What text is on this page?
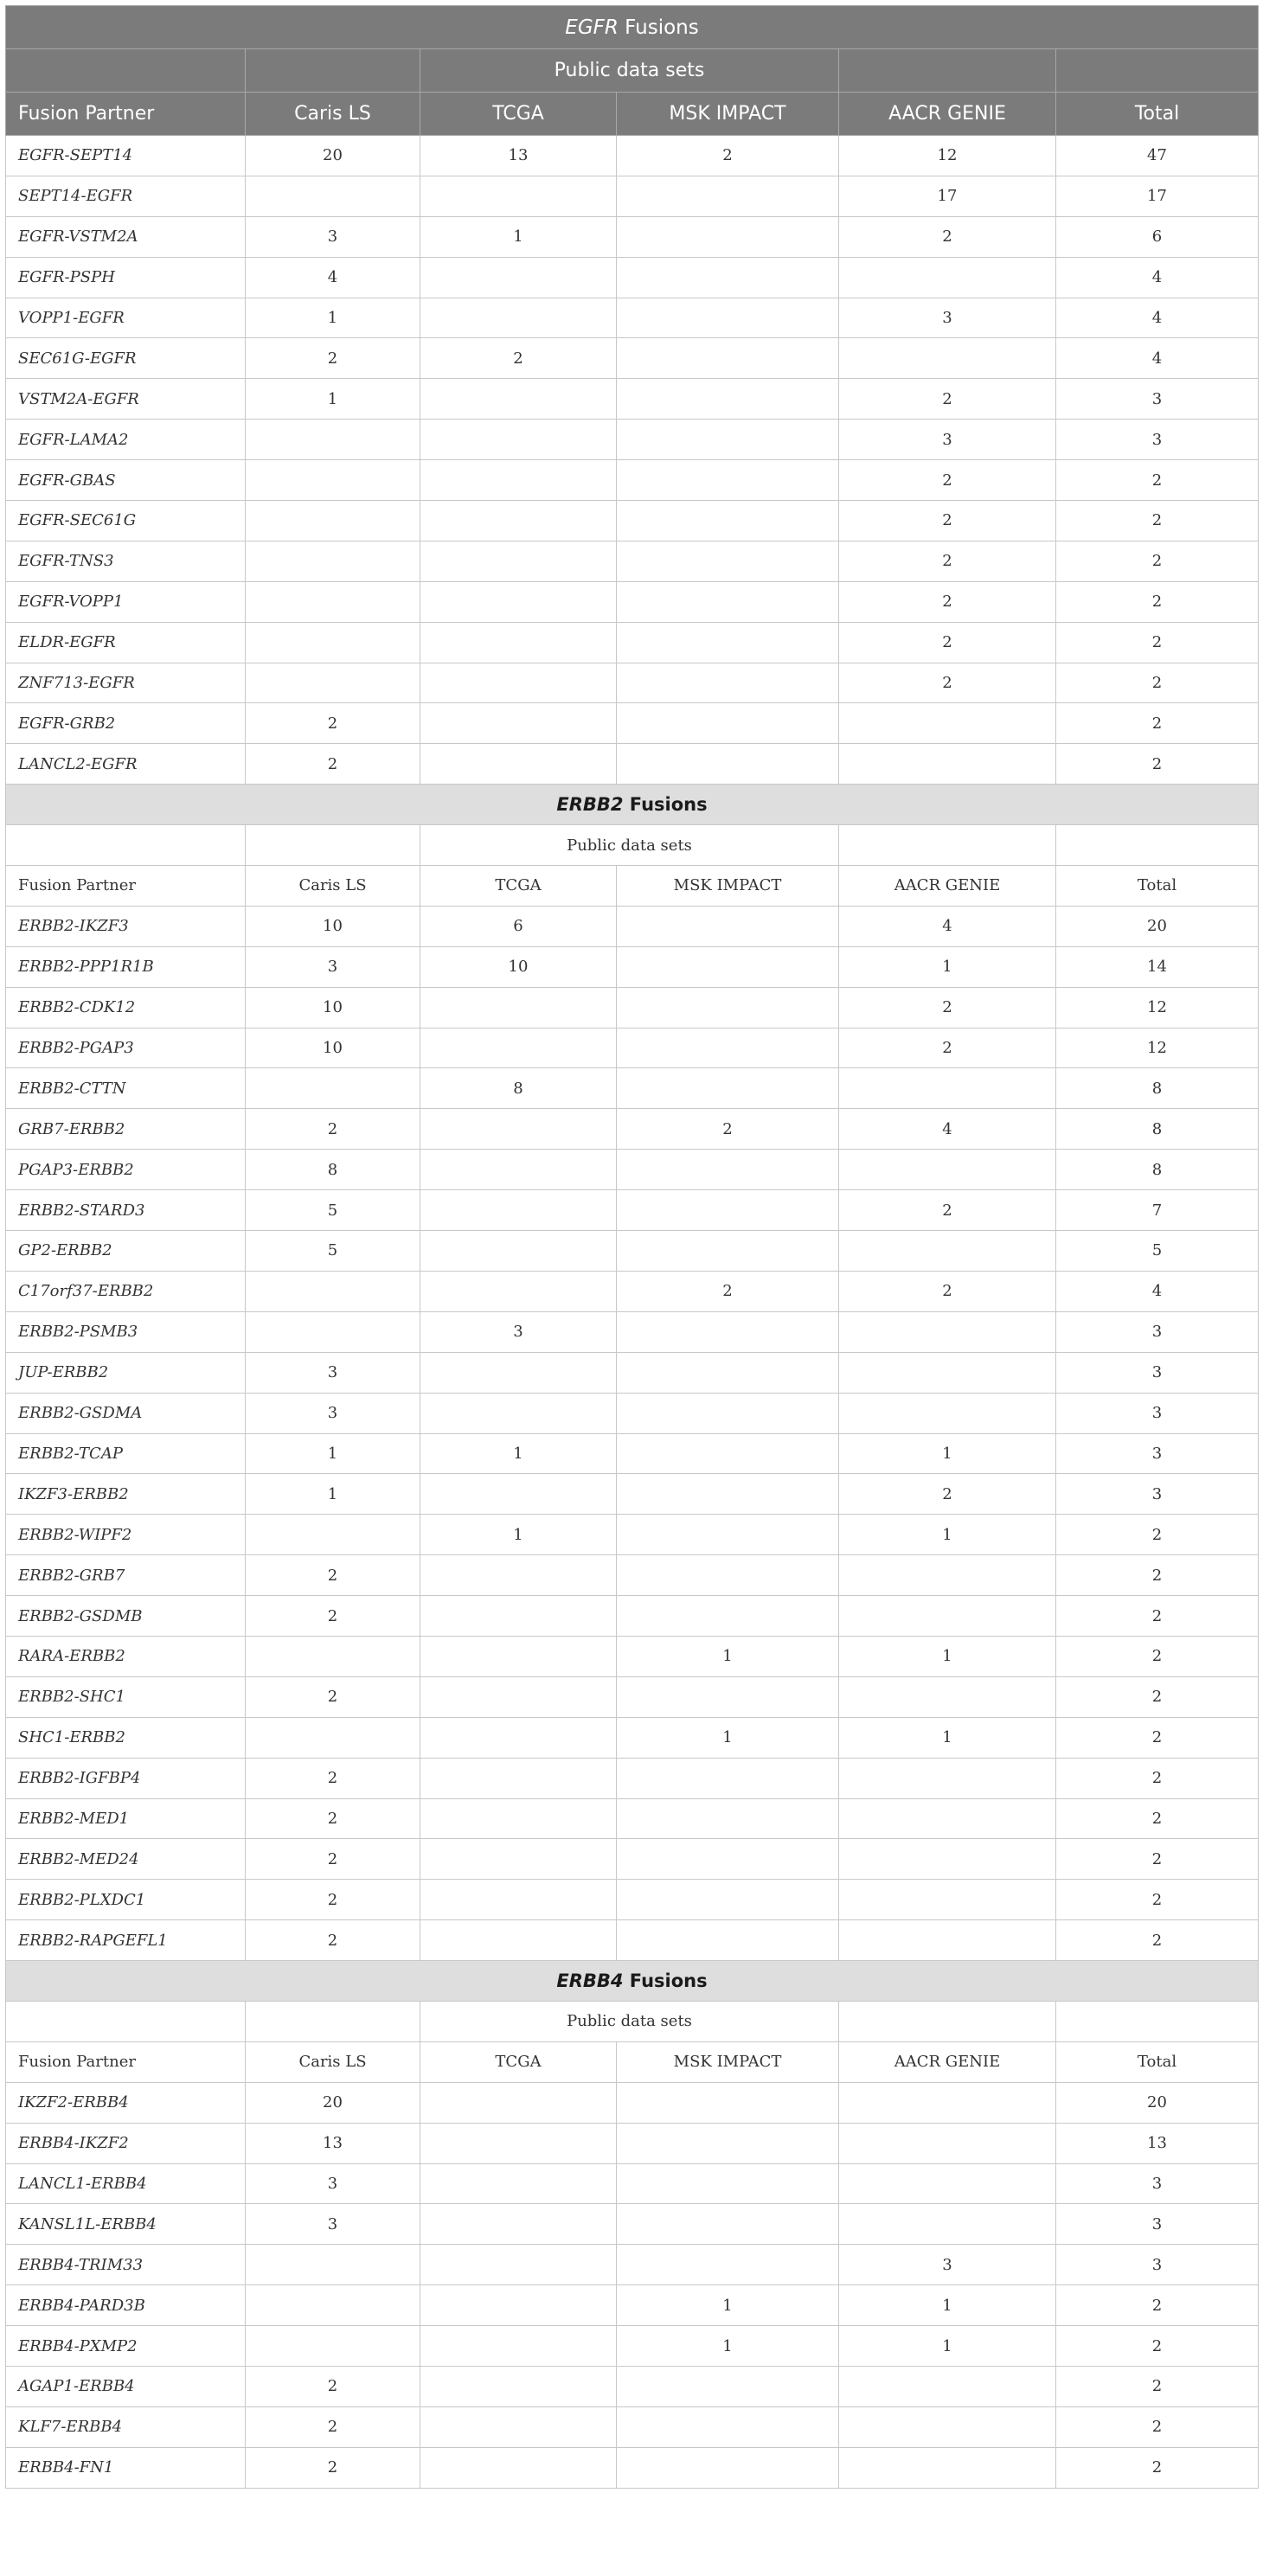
EGFR Fusions					
		Public data sets			
Fusion Partner	Caris LS	TCGA	MSK IMPACT	AACR GENIE	Total
EGFR-SEPT14	20	13	2	12	47
SEPT14-EGFR				17	17
EGFR-VSTM2A	3	1		2	6
EGFR-PSPH	4				4
VOPP1-EGFR	1			3	4
SEC61G-EGFR	2	2			4
VSTM2A-EGFR	1			2	3
EGFR-LAMA2				3	3
EGFR-GBAS				2	2
EGFR-SEC61G				2	2
EGFR-TNS3				2	2
EGFR-VOPP1				2	2
ELDR-EGFR				2	2
ZNF713-EGFR				2	2
EGFR-GRB2	2				2
LANCL2-EGFR	2				2
ERBB2 Fusions					
		Public data sets			
Fusion Partner	Caris LS	TCGA	MSK IMPACT	AACR GENIE	Total
ERBB2-IKZF3	10	6		4	20
ERBB2-PPP1R1B	3	10		1	14
ERBB2-CDK12	10			2	12
ERBB2-PGAP3	10			2	12
ERBB2-CTTN		8			8
GRB7-ERBB2	2		2	4	8
PGAP3-ERBB2	8				8
ERBB2-STARD3	5			2	7
GP2-ERBB2	5				5
C17orf37-ERBB2			2	2	4
ERBB2-PSMB3		3			3
JUP-ERBB2	3				3
ERBB2-GSDMA	3				3
ERBB2-TCAP	1	1		1	3
IKZF3-ERBB2	1			2	3
ERBB2-WIPF2		1		1	2
ERBB2-GRB7	2				2
ERBB2-GSDMB	2				2
RARA-ERBB2			1	1	2
ERBB2-SHC1	2				2
SHC1-ERBB2			1	1	2
ERBB2-IGFBP4	2				2
ERBB2-MED1	2				2
ERBB2-MED24	2				2
ERBB2-PLXDC1	2				2
ERBB2-RAPGEFL1	2				2
ERBB4 Fusions					
		Public data sets			
Fusion Partner	Caris LS	TCGA	MSK IMPACT	AACR GENIE	Total
IKZF2-ERBB4	20				20
ERBB4-IKZF2	13				13
LANCL1-ERBB4	3				3
KANSL1L-ERBB4	3				3
ERBB4-TRIM33				3	3
ERBB4-PARD3B			1	1	2
ERBB4-PXMP2			1	1	2
AGAP1-ERBB4	2				2
KLF7-ERBB4	2				2
ERBB4-FN1	2				2
